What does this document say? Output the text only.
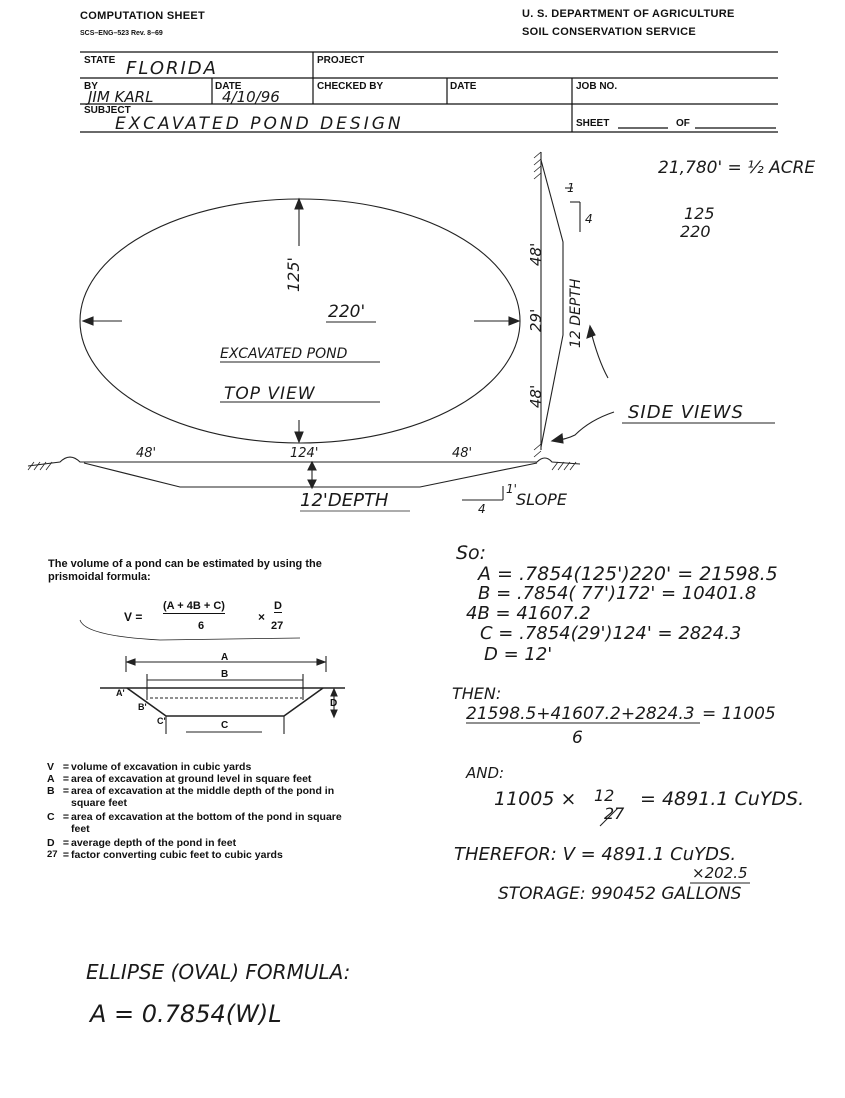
COMPUTATION SHEET
SCS–ENG–523 Rev. 8–69
U. S. DEPARTMENT OF AGRICULTURE
SOIL CONSERVATION SERVICE
STATE FLORIDA	PROJECT
BY
JIM KARL
DATE
4/10/96
CHECKED BY	DATE	JOB NO.
SUBJECT
EXCAVATED POND DESIGN	SHEET	OF
125'
220'
EXCAVATED POND
TOP VIEW
21,780' = ½ ACRE
125
220
48'
29'
48'
12 DEPTH
1
4
SIDE VIEWS
48'	124'	48'
12'DEPTH
1'
4 SLOPE
The volume of a pond can be estimated by using the prismoidal formula:
V =
(A + 4B + C)
6
×
D
27
A
B
C
D
A'
B'
C'
V = volume of excavation in cubic yards
A = area of excavation at ground level in square feet
B = area of excavation at the middle depth of the pond in square feet
C = area of excavation at the bottom of the pond in square feet
D = average depth of the pond in feet
27 = factor converting cubic feet to cubic yards
So:
A = .7854(125')220' = 21598.5
B = .7854( 77')172' = 10401.8
4B = 41607.2
C = .7854(29')124' = 2824.3
D = 12'
THEN:
21598.5+41607.2+2824.3 = 11005
6
AND:
11005 × 12
27
= 4891.1 CuYDS.
THEREFOR: V = 4891.1 CuYDS.
×202.5
STORAGE: 990452 GALLONS
ELLIPSE (OVAL) FORMULA:
A = 0.7854(W)L
